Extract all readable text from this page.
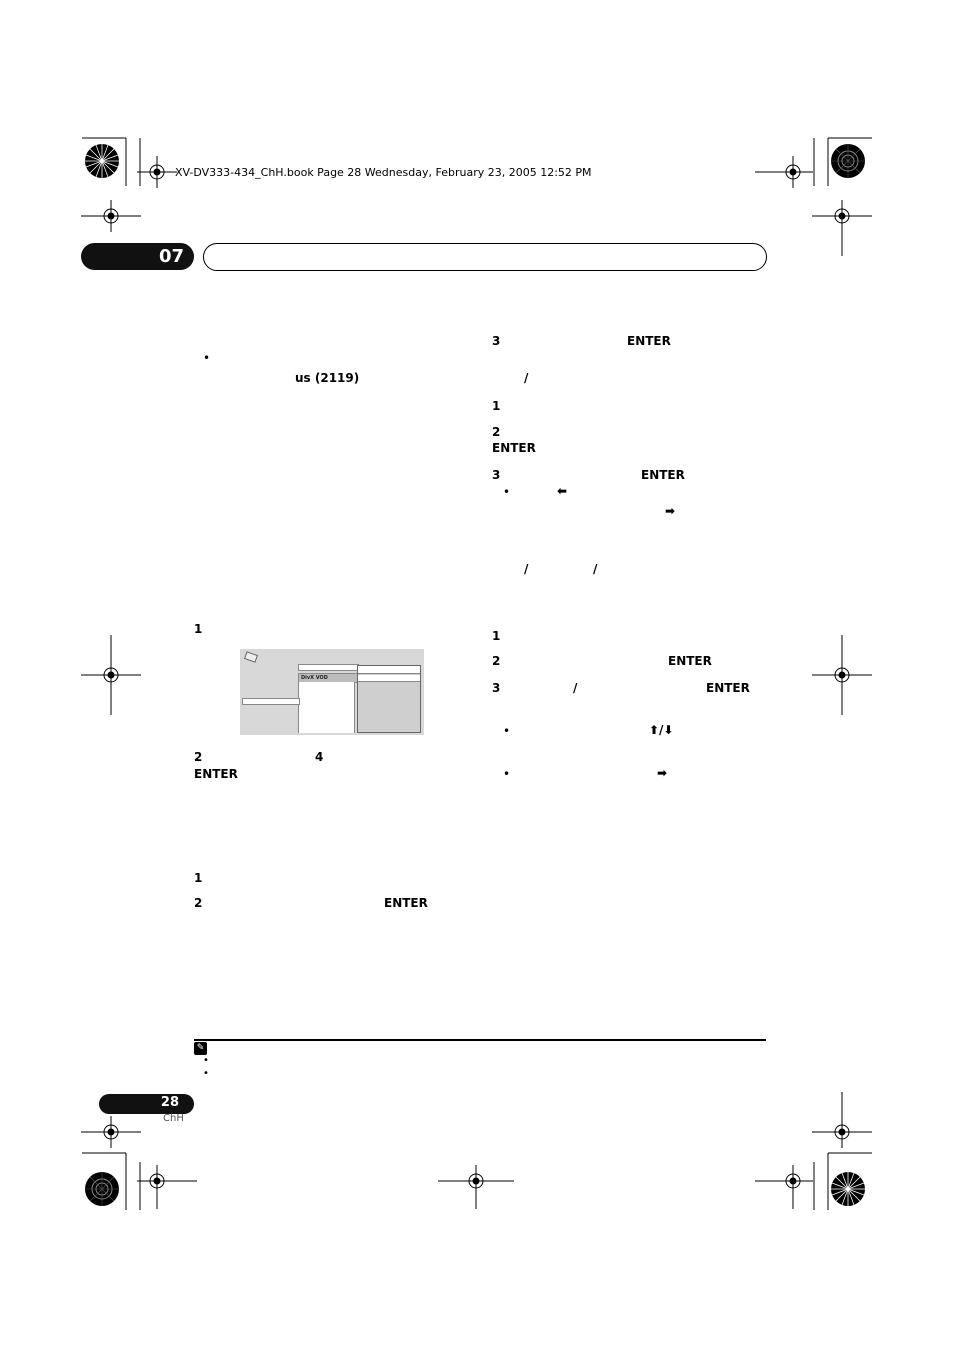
XV-DV333-434_ChH.book Page 28 Wednesday, February 23, 2005 12:52 PM
07
•
us (2119)
1
DivX VOD
2	4
ENTER
1
2	ENTER
3	ENTER
/
1
2
ENTER
3	ENTER
•	⬅
➡
/	/
1
2	ENTER
3	/	ENTER
•	⬆/⬇
•	➡
✎
•
•
28
ChH
